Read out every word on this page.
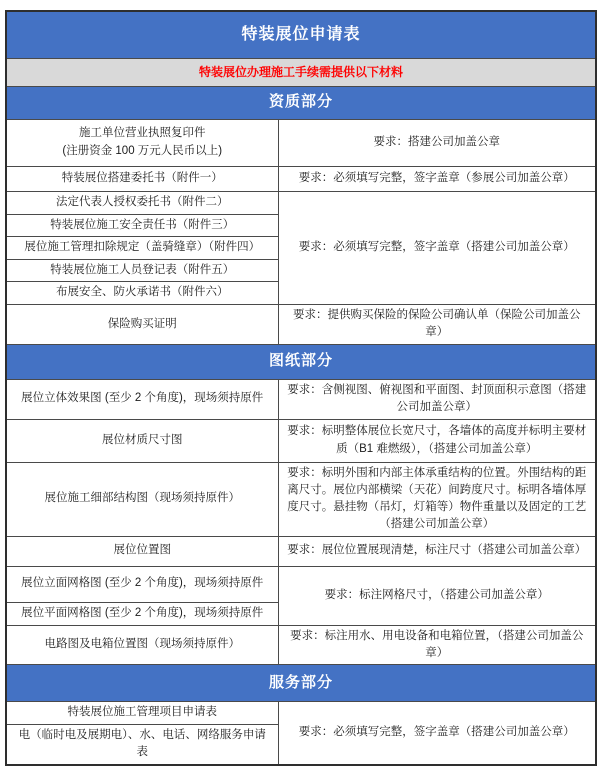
特装展位申请表	
特装展位办理施工手续需提供以下材料	
资质部分	

施工单位营业执照复印件
(注册资金 100 万元人民币以上)	要求：搭建公司加盖公章
特装展位搭建委托书（附件一）	要求：必须填写完整，签字盖章（参展公司加盖公章）
法定代表人授权委托书（附件二）	要求：必须填写完整，签字盖章（搭建公司加盖公章）
特装展位施工安全责任书（附件三）	
展位施工管理扣除规定（盖骑缝章）（附件四）	
特装展位施工人员登记表（附件五）	
布展安全、防火承诺书（附件六）	
保险购买证明	要求：提供购买保险的保险公司确认单（保险公司加盖公章）
图纸部分	
展位立体效果图 (至少 2 个角度)，现场须持原件	要求：含侧视图、俯视图和平面图、封顶面积示意图（搭建公司加盖公章）
展位材质尺寸图	要求：标明整体展位长宽尺寸，各墙体的高度并标明主要材质（B1 难燃级），（搭建公司加盖公章）
展位施工细部结构图（现场须持原件）	要求：标明外围和内部主体承重结构的位置。外围结构的距离尺寸。展位内部横梁（天花）间跨度尺寸。标明各墙体厚度尺寸。悬挂物（吊灯，灯箱等）物件重量以及固定的工艺（搭建公司加盖公章）
展位位置图	要求：展位位置展现清楚，标注尺寸（搭建公司加盖公章）
展位立面网格图 (至少 2 个角度)，现场须持原件	要求：标注网格尺寸，（搭建公司加盖公章）
展位平面网格图 (至少 2 个角度)，现场须持原件	
电路图及电箱位置图（现场须持原件）	要求：标注用水、用电设备和电箱位置，（搭建公司加盖公章）
服务部分	
特装展位施工管理项目申请表	要求：必须填写完整，签字盖章（搭建公司加盖公章）
电（临时电及展期电）、水、电话、网络服务申请表	
